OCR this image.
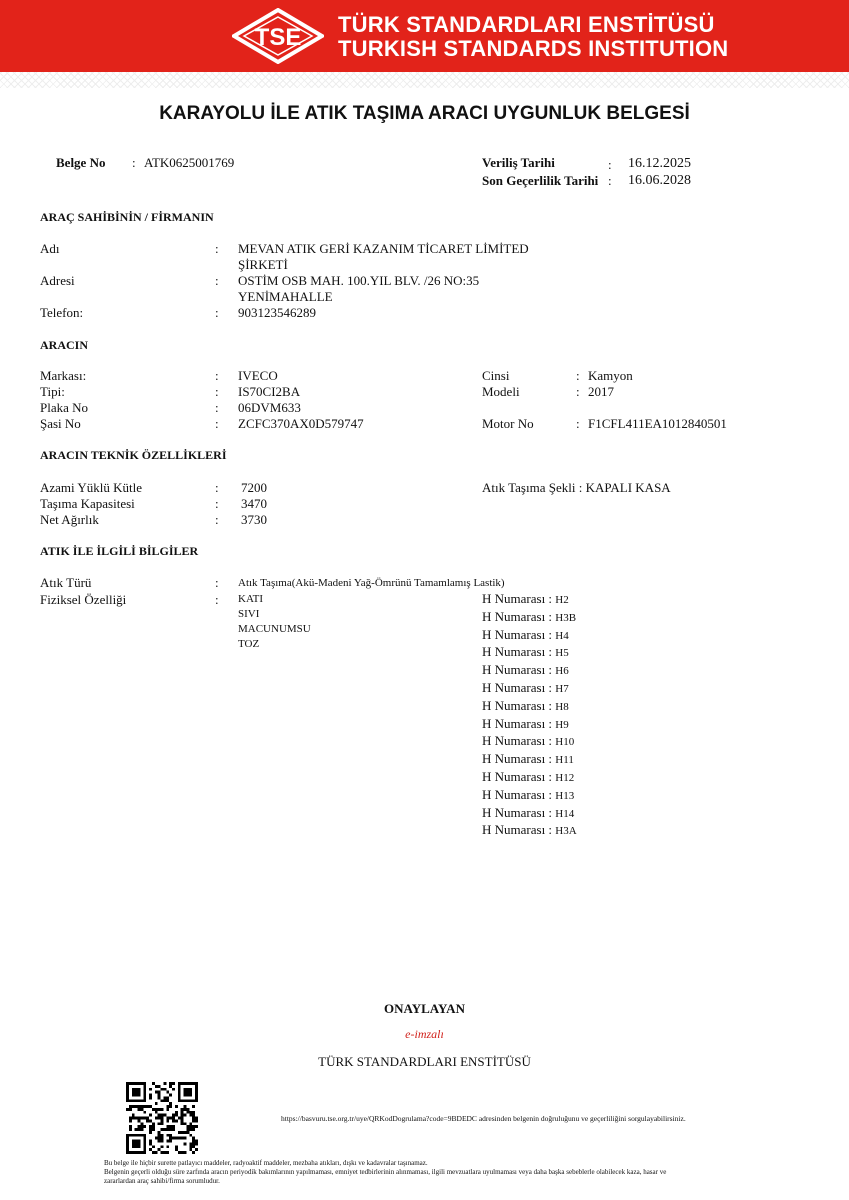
TSE TÜRK STANDARDLARI ENSTİTÜSÜ
TURKISH STANDARDS INSTITUTION
KARAYOLU İLE ATIK TAŞIMA ARACI UYGUNLUK BELGESİ
Belge No : ATK0625001769	Veriliş Tarihi	: 16.12.2025
Son Geçerlilik Tarihi : 16.06.2028
ARAÇ SAHİBİNİN / FİRMANIN
Adı	: MEVAN ATIK GERİ KAZANIM TİCARET LİMİTED
ŞİRKETİ
Adresi	: OSTİM OSB MAH. 100.YIL BLV. /26 NO:35
YENİMAHALLE
Telefon:	: 903123546289
ARACIN
Markası:	: IVECO	Cinsi	: Kamyon
Tipi:	: IS70CI2BA	Modeli	: 2017
Plaka No	: 06DVM633
Şasi No	: ZCFC370AX0D579747	Motor No	: F1CFL411EA1012840501
ARACIN TEKNİK ÖZELLİKLERİ
Azami Yüklü Kütle	: 7200	Atık Taşıma Şekli : KAPALI KASA
Taşıma Kapasitesi	: 3470
Net Ağırlık	: 3730
ATIK İLE İLGİLİ BİLGİLER
Atık Türü	: Atık Taşıma(Akü-Madeni Yağ-Ömrünü Tamamlamış Lastik)
Fiziksel Özelliği	: KATI
SIVI
MACUNUMSU
TOZ
H Numarası : H2
H Numarası : H3B
H Numarası : H4
H Numarası : H5
H Numarası : H6
H Numarası : H7
H Numarası : H8
H Numarası : H9
H Numarası : H10
H Numarası : H11
H Numarası : H12
H Numarası : H13
H Numarası : H14
H Numarası : H3A
ONAYLAYAN
e-imzalı
TÜRK STANDARDLARI ENSTİTÜSÜ
https://basvuru.tse.org.tr/uye/QRKodDogrulama?code=9BDEDC adresinden belgenin doğruluğunu ve geçerliliğini sorgulayabilirsiniz.
Bu belge ile hiçbir surette patlayıcı maddeler, radyoaktif maddeler, mezbaha atıkları, dışkı ve kadavralar taşınamaz.
Belgenin geçerli olduğu süre zarfında aracın periyodik bakımlarının yapılmaması, emniyet tedbirlerinin alınmaması, ilgili mevzuatlara uyulmaması veya daha başka sebeblerle olabilecek kaza, hasar ve
zararlardan araç sahibi/firma sorumludur.
